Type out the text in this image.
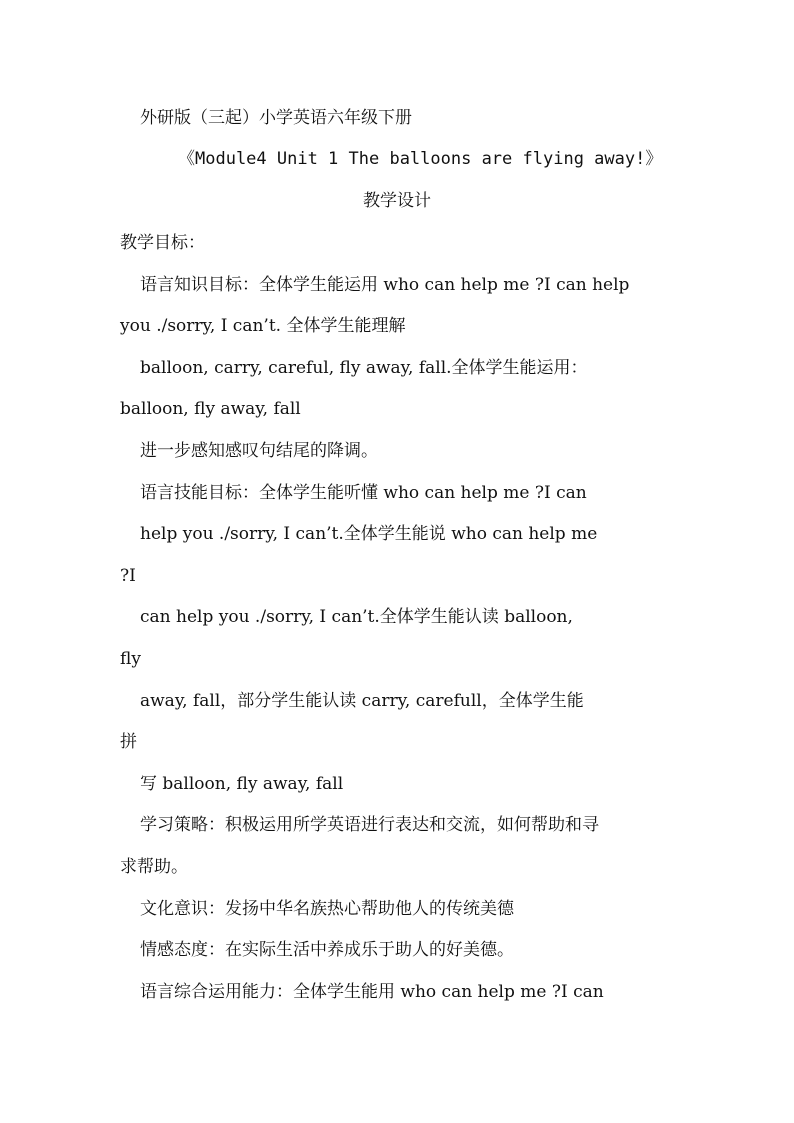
外研版（三起）小学英语六年级下册
《Module4 Unit 1 The balloons are flying away!》
教学设计
教学目标：
语言知识目标：全体学生能运用 who can help me ?I can help
you ./sorry, I can’t. 全体学生能理解
balloon, carry, careful, fly away, fall.全体学生能运用：
balloon, fly away, fall
进一步感知感叹句结尾的降调。
语言技能目标：全体学生能听懂 who can help me ?I can
help you ./sorry, I can’t.全体学生能说 who can help me
?I
can help you ./sorry, I can’t.全体学生能认读 balloon,
fly
away, fall，部分学生能认读 carry, carefull，全体学生能
拼
写 balloon, fly away, fall
学习策略：积极运用所学英语进行表达和交流，如何帮助和寻
求帮助。
文化意识：发扬中华名族热心帮助他人的传统美德
情感态度：在实际生活中养成乐于助人的好美德。
语言综合运用能力：全体学生能用 who can help me ?I can
